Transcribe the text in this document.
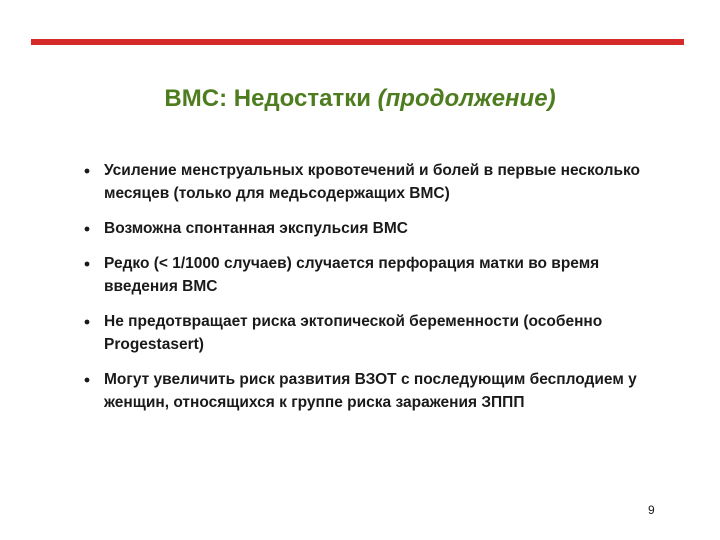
ВМС: Недостатки (продолжение)
Усиление менструальных кровотечений и болей в первые несколько месяцев (только для медьсодержащих ВМС)
Возможна спонтанная экспульсия ВМС
Редко (< 1/1000 случаев) случается перфорация матки во время введения ВМС
Не предотвращает риска эктопической беременности (особенно Progestasert)
Могут увеличить риск развития ВЗОТ с последующим бесплодием у женщин, относящихся к группе риска заражения ЗППП
9
